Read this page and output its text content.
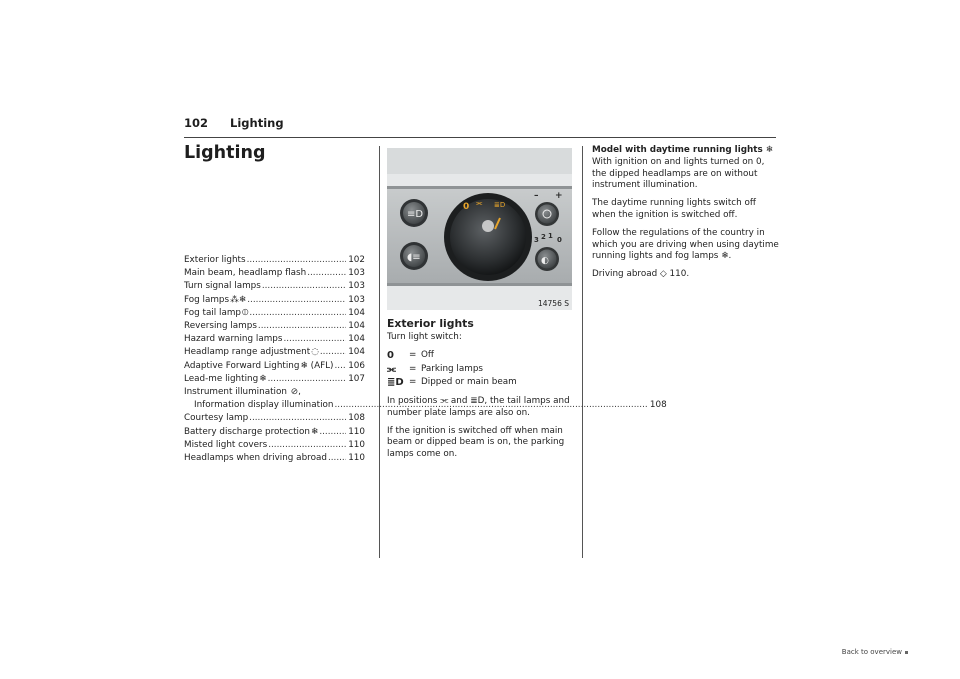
102 Lighting
Lighting
Exterior lights .....	102
Main beam, headlamp flash .....	103
Turn signal lamps .....	103
Fog lamps ⁂❄ .....	103
Fog tail lamp ⦶ .....	104
Reversing lamps .....	104
Hazard warning lamps .....	104
Headlamp range adjustment ◌ .....	104
Adaptive Forward Lighting ❄
(AFL) ..... 106
Lead-me lighting ❄ .....	107
Instrument illumination ⊘,
Information display illumination .....	108
Courtesy lamp .....	108
Battery discharge protection ❄ .....	110
Misted light covers .....	110
Headlamps when driving abroad ..... 110
0 ⫘ ≣D
≡D
◖≡
– +
3 2 1 0
◐
14756 S
Exterior lights

Turn light switch:

0	= Off
⫘	= Parking lamps
≣D = Dipped or main beam

In positions ⫘ and ≣D, the tail lamps and number plate lamps are also on.

If the ignition is switched off when main beam or dipped beam is on, the parking lamps come on.

Model with daytime running lights ❄

With ignition on and lights turned on 0, the dipped headlamps are on without instrument illumination.

The daytime running lights switch off when the ignition is switched off.

Follow the regulations of the country in which you are driving when using daytime running lights and fog lamps ❄.

Driving abroad ◇ 110.

Back to overview
